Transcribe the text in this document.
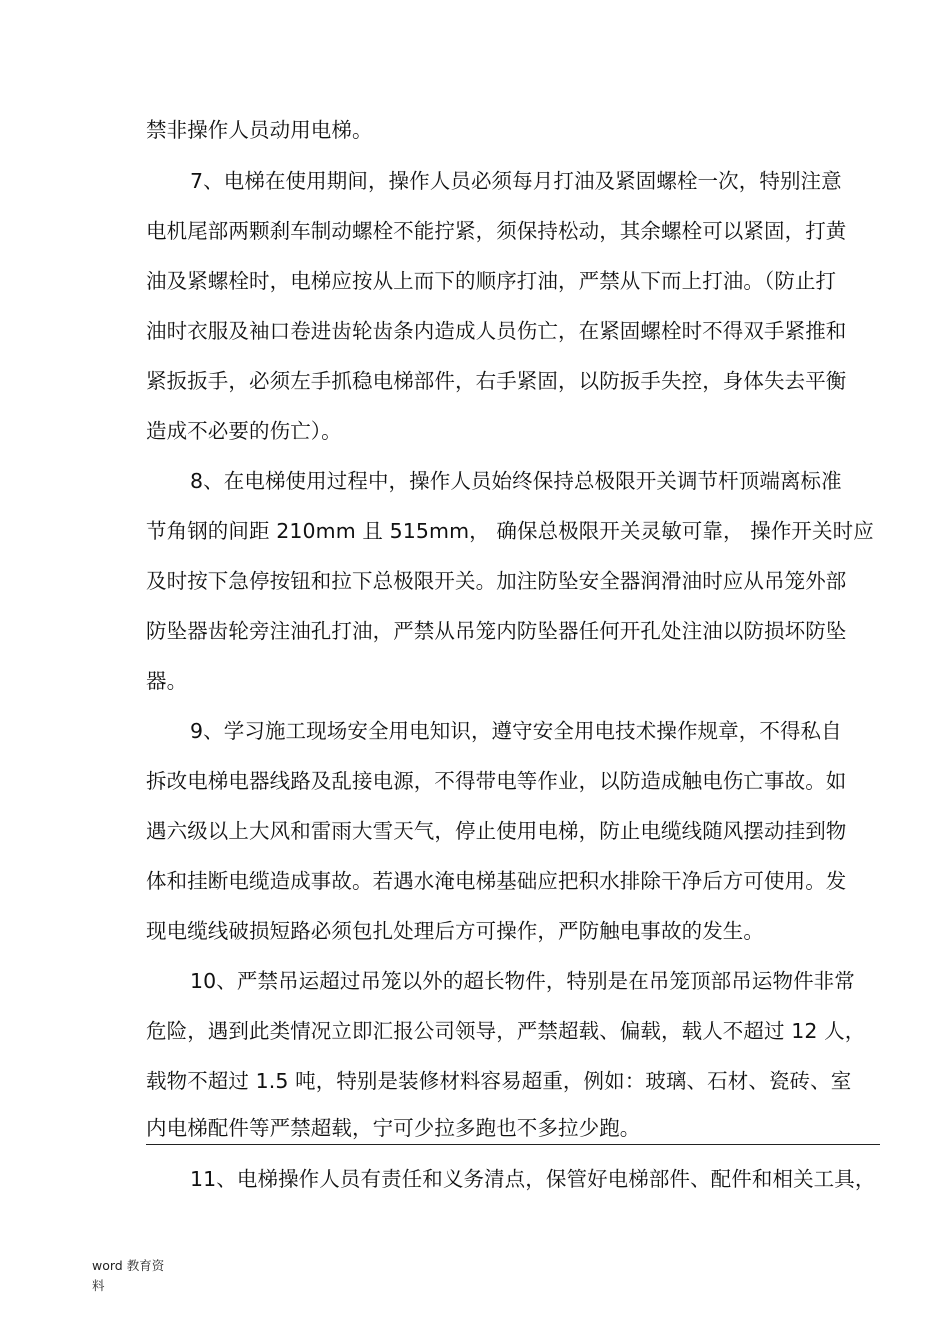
禁非操作人员动用电梯。
7、电梯在使用期间，操作人员必须每月打油及紧固螺栓一次，特别注意
电机尾部两颗刹车制动螺栓不能拧紧，须保持松动，其余螺栓可以紧固，打黄
油及紧螺栓时，电梯应按从上而下的顺序打油，严禁从下而上打油。（防止打
油时衣服及袖口卷进齿轮齿条内造成人员伤亡，在紧固螺栓时不得双手紧推和
紧扳扳手，必须左手抓稳电梯部件，右手紧固，以防扳手失控，身体失去平衡
造成不必要的伤亡）。
8、在电梯使用过程中，操作人员始终保持总极限开关调节杆顶端离标准
节角钢的间距 210mm 且 515mm， 确保总极限开关灵敏可靠， 操作开关时应
及时按下急停按钮和拉下总极限开关。加注防坠安全器润滑油时应从吊笼外部
防坠器齿轮旁注油孔打油，严禁从吊笼内防坠器任何开孔处注油以防损坏防坠
器。
9、学习施工现场安全用电知识，遵守安全用电技术操作规章，不得私自
拆改电梯电器线路及乱接电源，不得带电等作业，以防造成触电伤亡事故。如
遇六级以上大风和雷雨大雪天气，停止使用电梯，防止电缆线随风摆动挂到物
体和挂断电缆造成事故。若遇水淹电梯基础应把积水排除干净后方可使用。发
现电缆线破损短路必须包扎处理后方可操作，严防触电事故的发生。
10、严禁吊运超过吊笼以外的超长物件，特别是在吊笼顶部吊运物件非常
危险，遇到此类情况立即汇报公司领导，严禁超载、偏载，载人不超过 12 人，
载物不超过 1.5 吨，特别是装修材料容易超重，例如：玻璃、石材、瓷砖、室
内电梯配件等严禁超载，宁可少拉多跑也不多拉少跑。
11、电梯操作人员有责任和义务清点，保管好电梯部件、配件和相关工具，
word 教育资
料
